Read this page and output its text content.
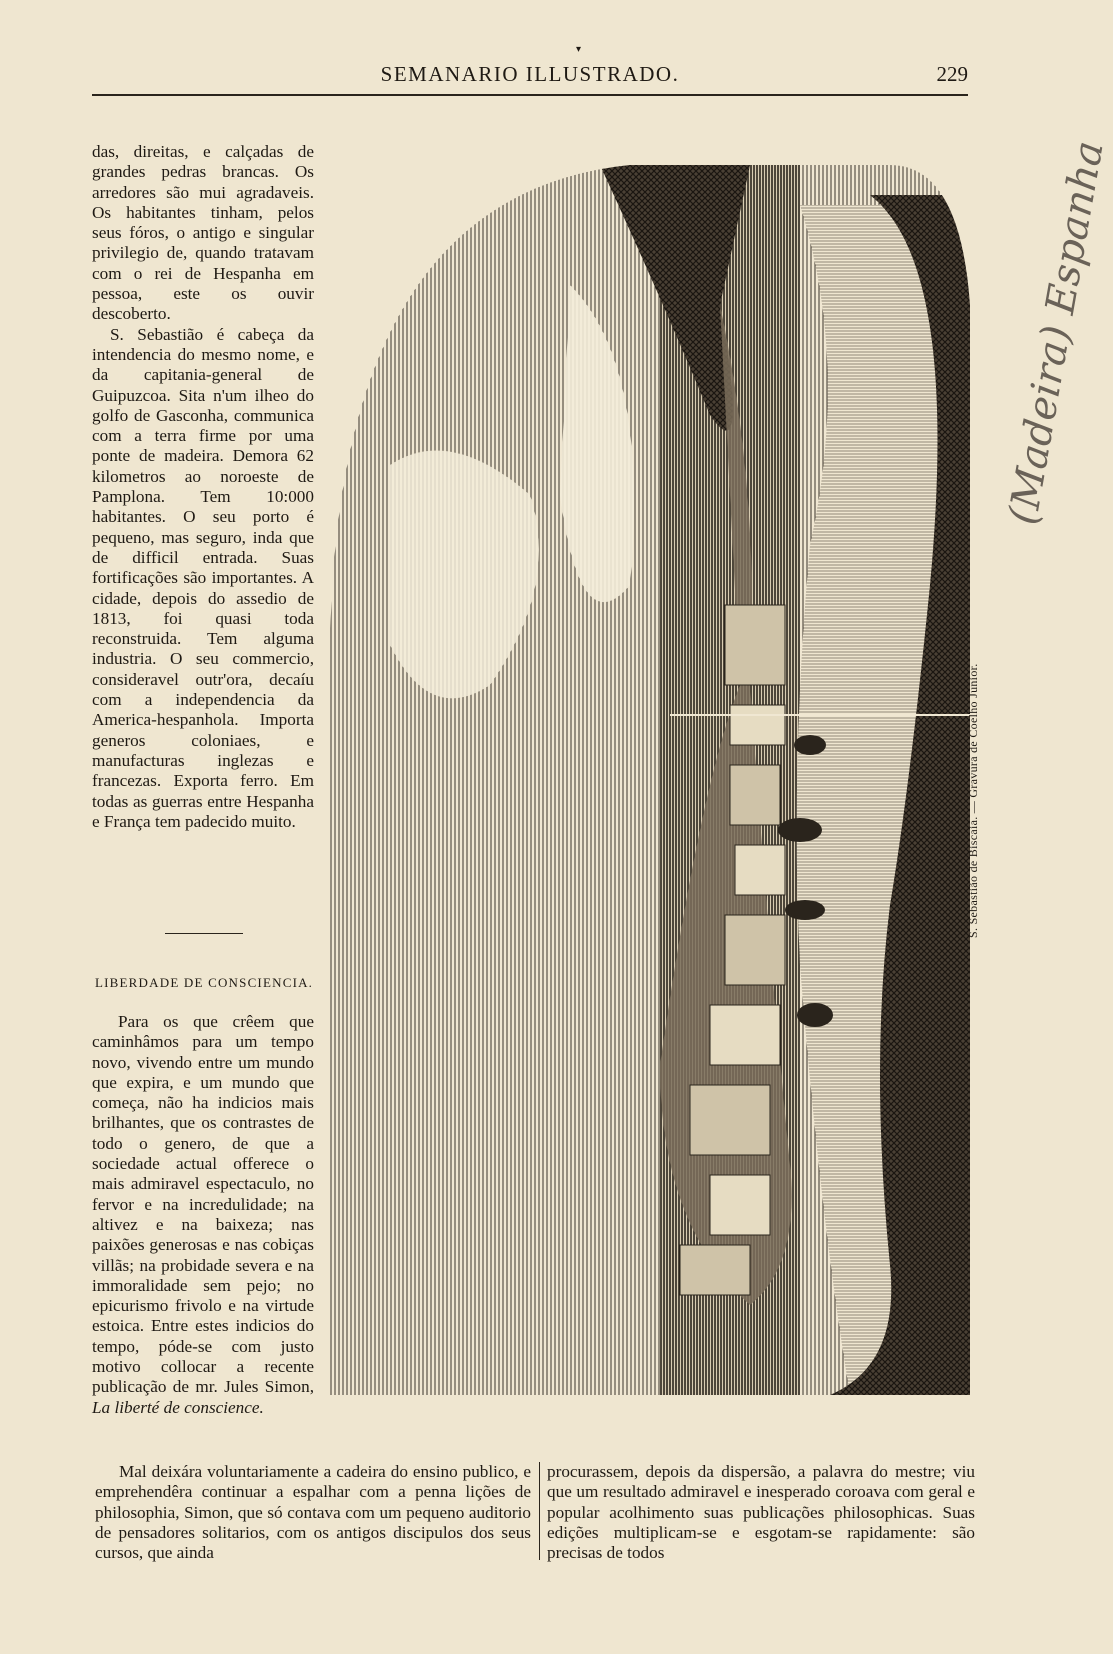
SEMANARIO ILLUSTRADO.	229
▾

das, direitas, e calçadas de grandes pedras brancas. Os arredores são mui agradaveis. Os habitantes tinham, pelos seus fóros, o antigo e singular privilegio de, quando tratavam com o rei de Hespanha em pessoa, este os ouvir descoberto.

S. Sebastião é cabeça da intendencia do mesmo nome, e da capitania-general de Guipuzcoa. Sita n'um ilheo do golfo de Gasconha, communica com a terra firme por uma ponte de madeira. Demora 62 kilometros ao noroeste de Pamplona. Tem 10:000 habitantes. O seu porto é pequeno, mas seguro, inda que de difficil entrada. Suas fortificações são importantes. A cidade, depois do assedio de 1813, foi quasi toda reconstruida. Tem alguma industria. O seu commercio, consideravel outr'ora, decaíu com a independencia da America-hespanhola. Importa generos coloniaes, e manufacturas inglezas e francezas. Exporta ferro. Em todas as guerras entre Hespanha e França tem padecido muito.

LIBERDADE DE CONSCIENCIA.

Para os que crêem que caminhâmos para um tempo novo, vivendo entre um mundo que expira, e um mundo que começa, não ha indicios mais brilhantes, que os contrastes de todo o genero, de que a sociedade actual offerece o mais admiravel espectaculo, no fervor e na incredulidade; na altivez e na baixeza; nas paixões generosas e nas cobiças villãs; na probidade severa e na immoralidade sem pejo; no epicurismo frivolo e na virtude estoica. Entre estes indicios do tempo, póde-se com justo motivo collocar a recente publicação de mr. Jules Simon, La liberté de conscience.

Mal deixára voluntariamente a cadeira do ensino publico, e emprehendêra continuar a espalhar com a penna lições de philosophia, Simon, que só contava com um pequeno auditorio de pensadores solitarios, com os antigos discipulos dos seus cursos, que ainda
procurassem, depois da dispersão, a palavra do mestre; viu que um resultado admiravel e inesperado coroava com geral e popular acolhimento suas publicações philosophicas. Suas edições multiplicam-se e esgotam-se rapidamente: são precisas de todos
S. Sebastião de Biscaia. — Gravura de Coelho Junior.
(Madeira) Espanha
